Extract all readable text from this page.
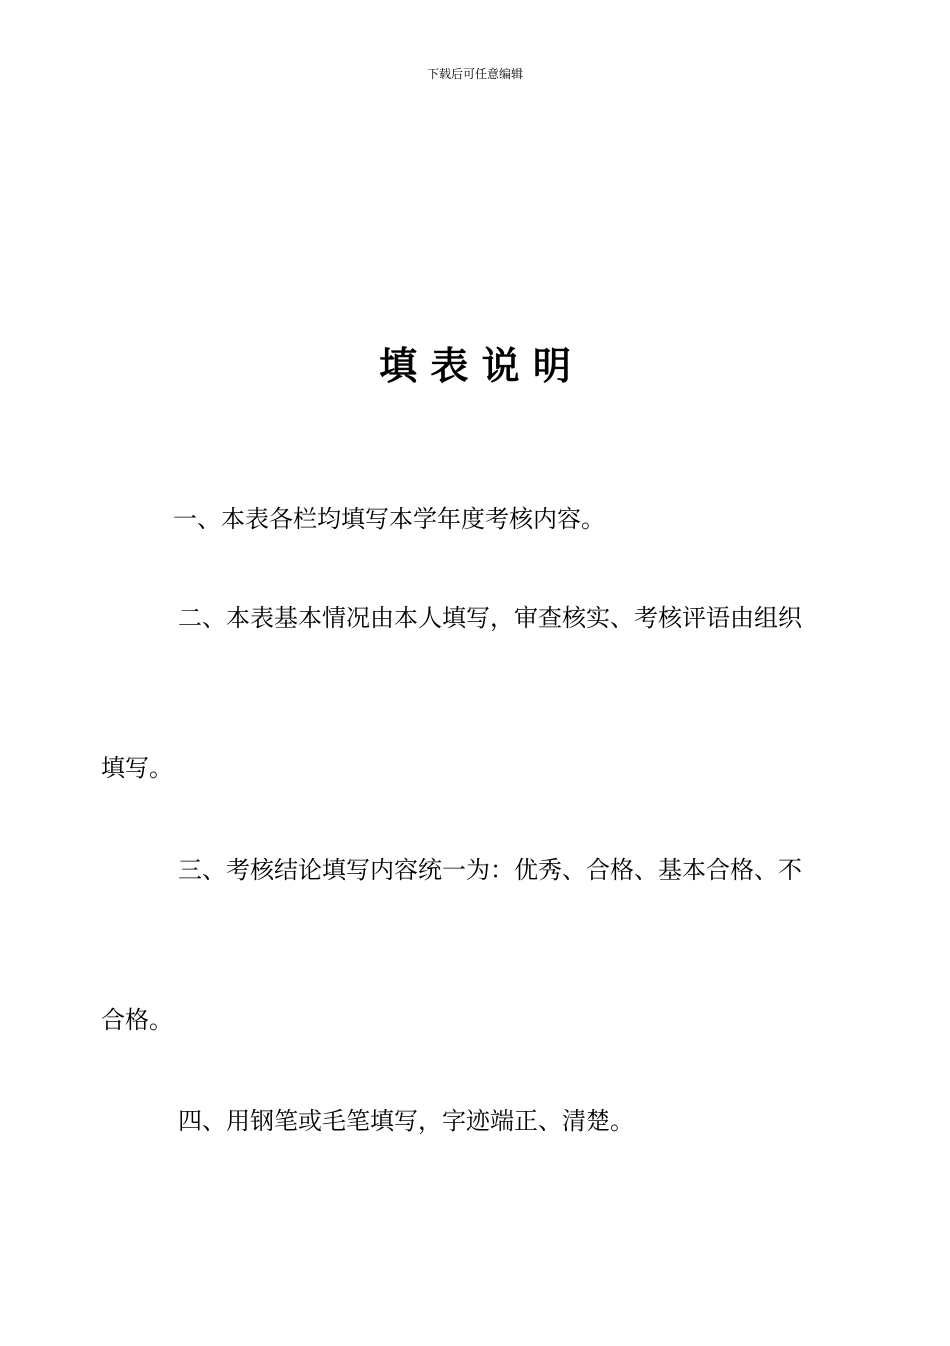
下载后可任意编辑
填 表 说 明
一、本表各栏均填写本学年度考核内容。
二、本表基本情况由本人填写，审查核实、考核评语由组织
填写。
三、考核结论填写内容统一为：优秀、合格、基本合格、不
合格。
四、用钢笔或毛笔填写，字迹端正、清楚。
